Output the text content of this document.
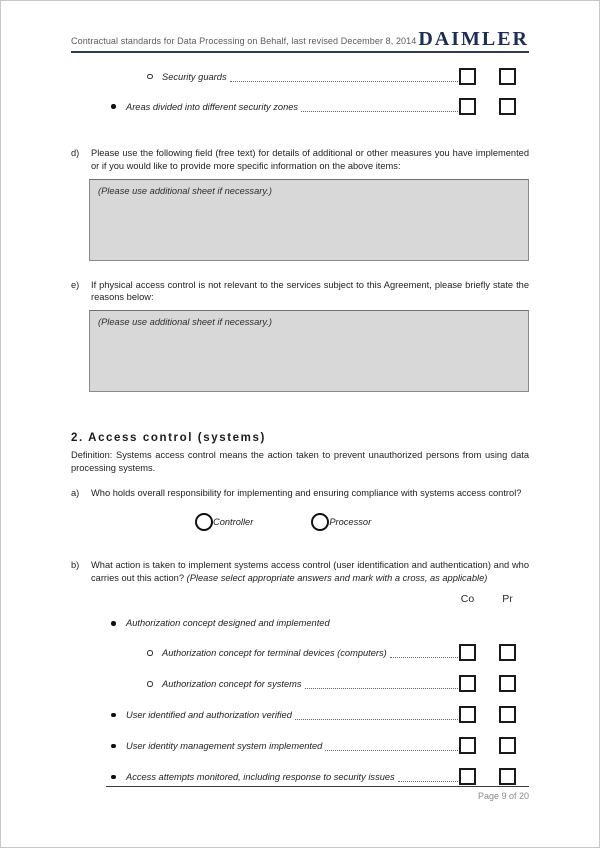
Contractual standards for Data Processing on Behalf, last revised December 8, 2014 DAIMLER
Security guards
Areas divided into different security zones
d)	Please use the following field (free text) for details of additional or other measures you have implemented or if you would like to provide more specific information on the above items:
(Please use additional sheet if necessary.)
e)	If physical access control is not relevant to the services subject to this Agreement, please briefly state the reasons below:
(Please use additional sheet if necessary.)
2. Access control (systems)
Definition: Systems access control means the action taken to prevent unauthorized persons from using data processing systems.
a)	Who holds overall responsibility for implementing and ensuring compliance with systems access control?
Controller	Processor
b)	What action is taken to implement systems access control (user identification and authentication) and who carries out this action? (Please select appropriate answers and mark with a cross, as applicable)
Co	Pr
Authorization concept designed and implemented
Authorization concept for terminal devices (computers)
Authorization concept for systems
User identified and authorization verified
User identity management system implemented
Access attempts monitored, including response to security issues
Page 9 of 20
